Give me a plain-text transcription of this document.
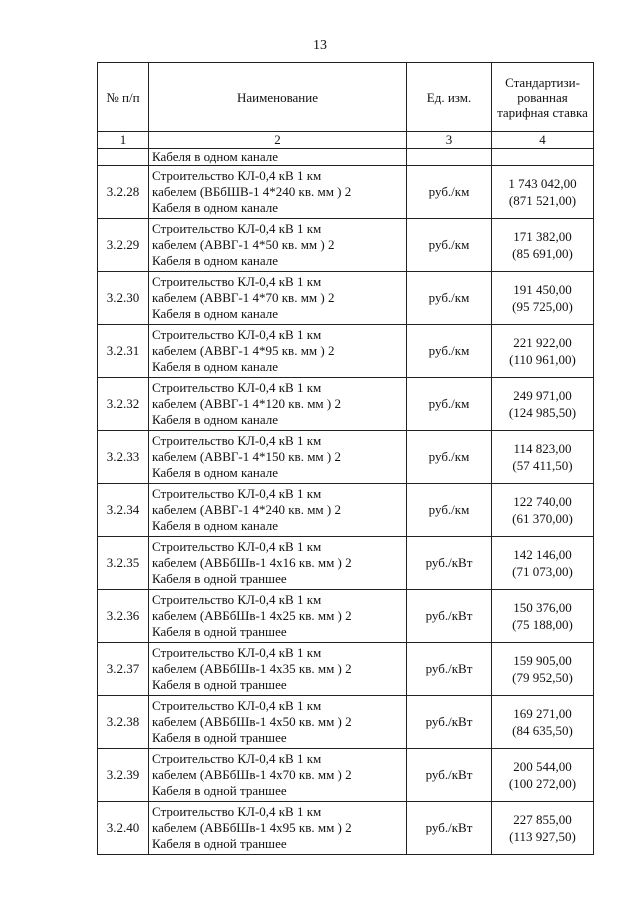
13
№ п/п	Наименование	Ед. изм.	Стандартизи-рованная тарифная ставка
1	2	3	4
	Кабеля в одном канале		
3.2.28	Строительство КЛ-0,4 кВ 1 км
кабелем (ВБбШВ-1 4*240 кв. мм ) 2
Кабеля в одном канале	руб./км	1 743 042,00
(871 521,00)

3.2.29	Строительство КЛ-0,4 кВ 1 км
кабелем (АВВГ-1 4*50 кв. мм ) 2
Кабеля в одном канале	руб./км	171 382,00
(85 691,00)

3.2.30	Строительство КЛ-0,4 кВ 1 км
кабелем (АВВГ-1 4*70 кв. мм ) 2
Кабеля в одном канале	руб./км	191 450,00
(95 725,00)

3.2.31	Строительство КЛ-0,4 кВ 1 км
кабелем (АВВГ-1 4*95 кв. мм ) 2
Кабеля в одном канале	руб./км	221 922,00
(110 961,00)

3.2.32	Строительство КЛ-0,4 кВ 1 км
кабелем (АВВГ-1 4*120 кв. мм ) 2
Кабеля в одном канале	руб./км	249 971,00
(124 985,50)

3.2.33	Строительство КЛ-0,4 кВ 1 км
кабелем (АВВГ-1 4*150 кв. мм ) 2
Кабеля в одном канале	руб./км	114 823,00
(57 411,50)

3.2.34	Строительство КЛ-0,4 кВ 1 км
кабелем (АВВГ-1 4*240 кв. мм ) 2
Кабеля в одном канале	руб./км	122 740,00
(61 370,00)

3.2.35	Строительство КЛ-0,4 кВ 1 км
кабелем (АВБбШв-1 4х16 кв. мм ) 2
Кабеля в одной траншее	руб./кВт	142 146,00
(71 073,00)

3.2.36	Строительство КЛ-0,4 кВ 1 км
кабелем (АВБбШв-1 4х25 кв. мм ) 2
Кабеля в одной траншее	руб./кВт	150 376,00
(75 188,00)

3.2.37	Строительство КЛ-0,4 кВ 1 км
кабелем (АВБбШв-1 4х35 кв. мм ) 2
Кабеля в одной траншее	руб./кВт	159 905,00
(79 952,50)

3.2.38	Строительство КЛ-0,4 кВ 1 км
кабелем (АВБбШв-1 4х50 кв. мм ) 2
Кабеля в одной траншее	руб./кВт	169 271,00
(84 635,50)

3.2.39	Строительство КЛ-0,4 кВ 1 км
кабелем (АВБбШв-1 4х70 кв. мм ) 2
Кабеля в одной траншее	руб./кВт	200 544,00
(100 272,00)

3.2.40	Строительство КЛ-0,4 кВ 1 км
кабелем (АВБбШв-1 4х95 кв. мм ) 2
Кабеля в одной траншее	руб./кВт	227 855,00
(113 927,50)
